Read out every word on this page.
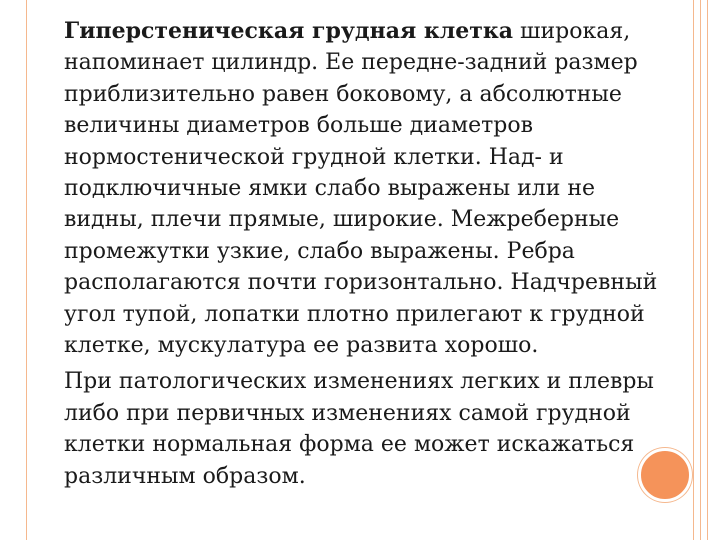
Гиперстеническая грудная клетка широкая, напоминает цилиндр. Ее передне-задний размер приблизительно равен боковому, а абсолютные величины диаметров больше диаметров нормостенической грудной клетки. Над- и подключичные ямки слабо выражены или не видны, плечи прямые, широкие. Межреберные промежутки узкие, слабо выражены. Ребра располагаются почти горизонтально. Надчревный угол тупой, лопатки плотно прилегают к грудной клетке, мускулатура ее развита хорошо.

При патологических изменениях легких и плевры либо при первичных изменениях самой грудной клетки нормальная форма ее может искажаться различным образом.
